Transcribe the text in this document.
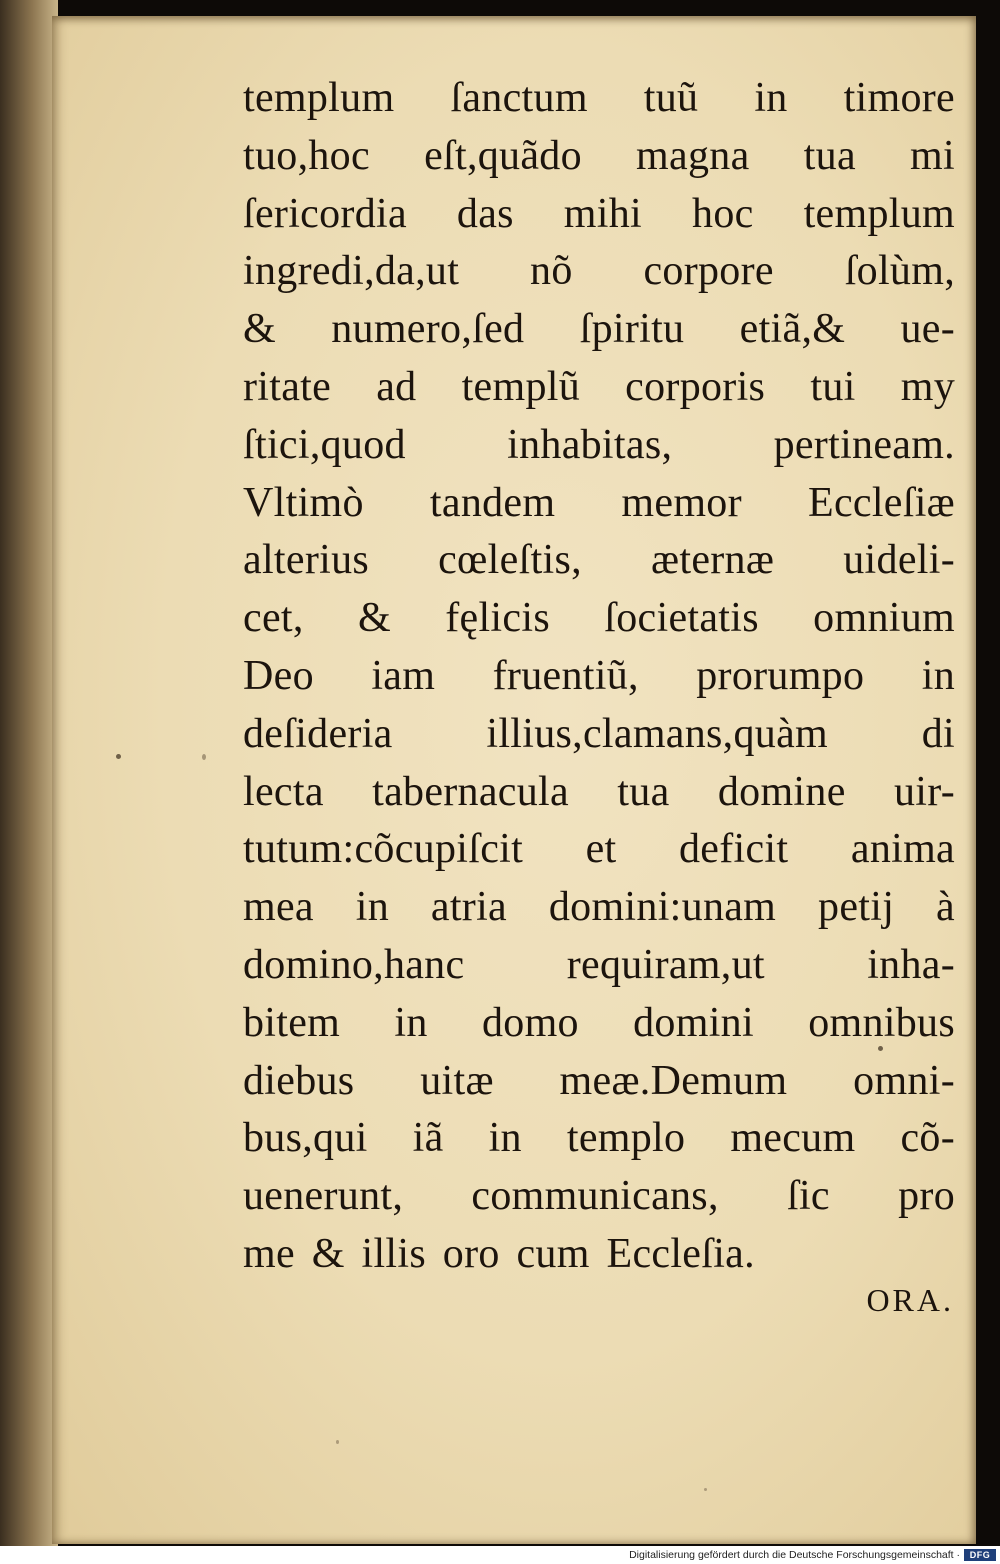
templum ſanctum tuũ in timore
tuo,hoc eſt,quãdo magna tua mi
ſericordia das mihi hoc templum
ingredi,da,ut nõ corpore ſolùm,
& numero,ſed ſpiritu etiã,& ue-
ritate ad templũ corporis tui my
ſtici,quod inhabitas, pertineam.
Vltimò tandem memor Eccleſiæ
alterius cœleſtis, æternæ uideli-
cet, & fęlicis ſocietatis omnium
Deo iam fruentiũ, prorumpo in
deſideria illius,clamans,quàm di
lecta tabernacula tua domine uir-
tutum:cõcupiſcit et deficit anima
mea in atria domini:unam petij à
domino,hanc requiram,ut inha-
bitem in domo domini omnibus
diebus uitæ meæ.Demum omni-
bus,qui iã in templo mecum cõ-
uenerunt, communicans, ſic pro
me & illis oro cum Eccleſia.
ORA.
Digitalisierung gefördert durch die Deutsche Forschungsgemeinschaft ·	DFG
